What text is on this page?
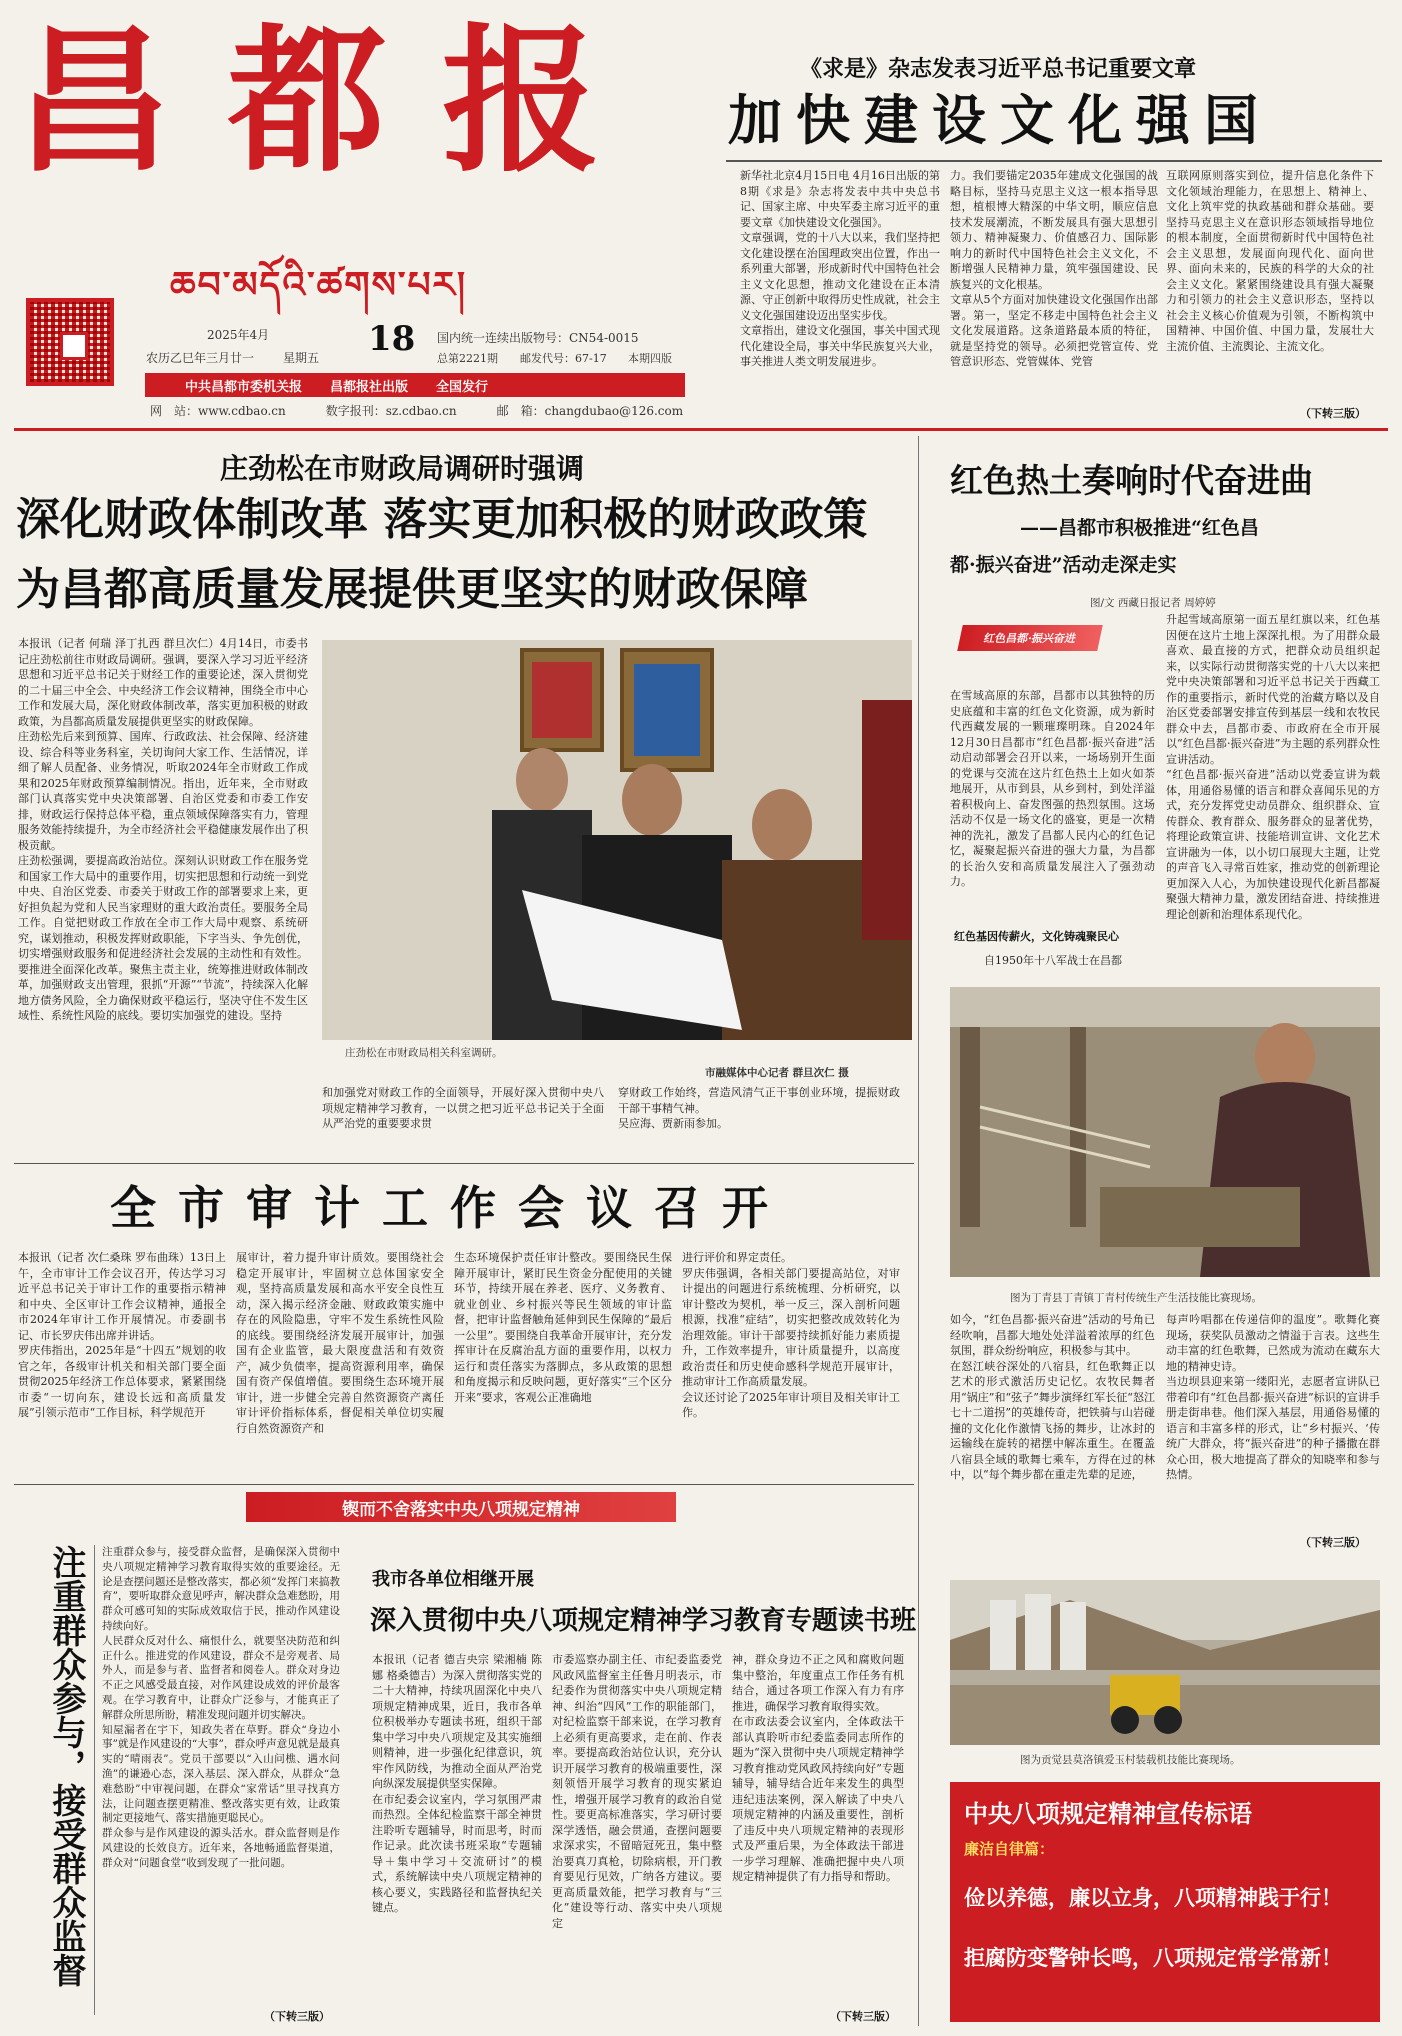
昌都报
ཆབ་མདོའི་ཚགས་པར།
2025年4月	18
农历乙巳年三月廿一 星期五
国内统一连续出版物号：CN54-0015
总第2221期 邮发代号：67-17 本期四版
中共昌都市委机关报 昌都报社出版 全国发行
网　站：www.cdbao.cn	数字报刊：sz.cdbao.cn	邮　箱：changdubao@126.com
《求是》杂志发表习近平总书记重要文章
加快建设文化强国
新华社北京4月15日电 4月16日出版的第8期《求是》杂志将发表中共中央总书记、国家主席、中央军委主席习近平的重要文章《加快建设文化强国》。
文章强调，党的十八大以来，我们坚持把文化建设摆在治国理政突出位置，作出一系列重大部署，形成新时代中国特色社会主义文化思想，推动文化建设在正本清源、守正创新中取得历史性成就，社会主义文化强国建设迈出坚实步伐。
文章指出，建设文化强国，事关中国式现代化建设全局，事关中华民族复兴大业，事关推进人类文明发展进步。
力。我们要锚定2035年建成文化强国的战略目标，坚持马克思主义这一根本指导思想，植根博大精深的中华文明，顺应信息技术发展潮流，不断发展具有强大思想引领力、精神凝聚力、价值感召力、国际影响力的新时代中国特色社会主义文化，不断增强人民精神力量，筑牢强国建设、民族复兴的文化根基。
文章从5个方面对加快建设文化强国作出部署。第一，坚定不移走中国特色社会主义文化发展道路。这条道路最本质的特征，就是坚持党的领导。必须把党管宣传、党管意识形态、党管媒体、党管
互联网原则落实到位，提升信息化条件下文化领域治理能力，在思想上、精神上、文化上筑牢党的执政基础和群众基础。要坚持马克思主义在意识形态领域指导地位的根本制度，全面贯彻新时代中国特色社会主义思想，发展面向现代化、面向世界、面向未来的，民族的科学的大众的社会主义文化。紧紧围绕建设具有强大凝聚力和引领力的社会主义意识形态，坚持以社会主义核心价值观为引领，不断构筑中国精神、中国价值、中国力量，发展壮大主流价值、主流舆论、主流文化。
（下转三版）
庄劲松在市财政局调研时强调
深化财政体制改革 落实更加积极的财政政策
为昌都高质量发展提供更坚实的财政保障
本报讯（记者 何瑞 泽丁扎西 群旦次仁）4月14日，市委书记庄劲松前往市财政局调研。强调，要深入学习习近平经济思想和习近平总书记关于财经工作的重要论述，深入贯彻党的二十届三中全会、中央经济工作会议精神，围绕全市中心工作和发展大局，深化财政体制改革，落实更加积极的财政政策，为昌都高质量发展提供更坚实的财政保障。
庄劲松先后来到预算、国库、行政政法、社会保障、经济建设、综合科等业务科室，关切询问大家工作、生活情况，详细了解人员配备、业务情况，听取2024年全市财政工作成果和2025年财政预算编制情况。指出，近年来，全市财政部门认真落实党中央决策部署、自治区党委和市委工作安排，财政运行保持总体平稳，重点领域保障落实有力，管理服务效能持续提升，为全市经济社会平稳健康发展作出了积极贡献。
庄劲松强调，要提高政治站位。深刻认识财政工作在服务党和国家工作大局中的重要作用，切实把思想和行动统一到党中央、自治区党委、市委关于财政工作的部署要求上来，更好担负起为党和人民当家理财的重大政治责任。要服务全局工作。自觉把财政工作放在全市工作大局中观察、系统研究，谋划推动，积极发挥财政职能，下字当头、争先创优，切实增强财政服务和促进经济社会发展的主动性和有效性。要推进全面深化改革。聚焦主责主业，统筹推进财政体制改革，加强财政支出管理，狠抓“开源”“节流”，持续深入化解地方债务风险，全力确保财政平稳运行，坚决守住不发生区域性、系统性风险的底线。要切实加强党的建设。坚持
庄劲松在市财政局相关科室调研。
市融媒体中心记者 群旦次仁 摄
和加强党对财政工作的全面领导，开展好深入贯彻中央八项规定精神学习教育，一以贯之把习近平总书记关于全面从严治党的重要要求贯
穿财政工作始终，营造风清气正干事创业环境，提振财政干部干事精气神。
吴应海、贾新雨参加。
全市审计工作会议召开
本报讯（记者 次仁桑珠 罗布曲珠）13日上午，全市审计工作会议召开，传达学习习近平总书记关于审计工作的重要指示精神和中央、全区审计工作会议精神，通报全市2024年审计工作开展情况。市委副书记、市长罗庆伟出席并讲话。
罗庆伟指出，2025年是“十四五”规划的收官之年，各级审计机关和相关部门要全面贯彻2025年经济工作总体要求，紧紧围绕市委“一切向东，建设长远和高质量发展”引领示范市“工作目标，科学规范开
展审计，着力提升审计质效。要围绕社会稳定开展审计，牢固树立总体国家安全观，坚持高质量发展和高水平安全良性互动，深入揭示经济金融、财政政策实施中存在的风险隐患，守牢不发生系统性风险的底线。要围绕经济发展开展审计，加强国有企业监管，最大限度盘活和有效资产，减少负债率，提高资源利用率，确保国有资产保值增值。要围绕生态环境开展审计，进一步健全完善自然资源资产离任审计评价指标体系，督促相关单位切实履行自然资源资产和
生态环境保护责任审计整改。要围绕民生保障开展审计，紧盯民生资金分配使用的关键环节，持续开展在养老、医疗、义务教育、就业创业、乡村振兴等民生领域的审计监督，把审计监督触角延伸到民生保障的“最后一公里”。要围绕自我革命开展审计，充分发挥审计在反腐治乱方面的重要作用，以权力运行和责任落实为落脚点，多从政策的思想和角度揭示和反映问题，更好落实“三个区分开来”要求，客观公正准确地
进行评价和界定责任。
罗庆伟强调，各相关部门要提高站位，对审计提出的问题进行系统梳理、分析研究，以审计整改为契机，举一反三，深入剖析问题根源，找准“症结”，切实把整改成效转化为治理效能。审计干部要持续抓好能力素质提升，工作效率提升，审计质量提升，以高度政治责任和历史使命感科学规范开展审计，推动审计工作高质量发展。
会议还讨论了2025年审计项目及相关审计工作。
锲而不舍落实中央八项规定精神
注重群众参与，接受群众监督 注重群众参与，接受群众监督，是确保深入贯彻中央八项规定精神学习教育取得实效的重要途径。无论是查摆问题还是整改落实，都必须“发挥门来搞教育”，要听取群众意见呼声，解决群众急难愁盼，用群众可感可知的实际成效取信于民，推动作风建设持续向好。
人民群众反对什么、痛恨什么，就要坚决防范和纠正什么。推进党的作风建设，群众不是旁观者、局外人，而是参与者、监督者和阅卷人。群众对身边不正之风感受最直接，对作风建设成效的评价最客观。在学习教育中，让群众广泛参与，才能真正了解群众所思所盼，精准发现问题并切实解决。
知屋漏者在宇下，知政失者在草野。群众“身边小事”就是作风建设的“大事”，群众呼声意见就是最真实的“晴雨表”。党员干部要以“入山问樵、遇水问渔”的谦逊心态，深入基层、深入群众，从群众“急难愁盼”中审视问题，在群众“家常话”里寻找真方法，让问题查摆更精准、整改落实更有效，让政策制定更接地气、落实措施更聪民心。
群众参与是作风建设的源头活水。群众监督则是作风建设的长效良方。近年来，各地畅通监督渠道，群众对“问题食堂”收到发现了一批问题。
（下转三版）
我市各单位相继开展
深入贯彻中央八项规定精神学习教育专题读书班
本报讯（记者 德吉央宗 梁湘楠 陈娜 格桑德吉）为深入贯彻落实党的二十大精神，持续巩固深化中央八项规定精神成果，近日，我市各单位积极举办专题读书班，组织干部集中学习中央八项规定及其实施细则精神，进一步强化纪律意识，筑牢作风防线，为推动全面从严治党向纵深发展提供坚实保障。
在市纪委会议室内，学习氛围严肃而热烈。全体纪检监察干部全神贯注聆听专题辅导，时而思考，时而作记录。此次读书班采取“专题辅导＋集中学习＋交流研讨”的模式，系统解读中央八项规定精神的核心要义，实践路径和监督执纪关键点。
市委巡察办副主任、市纪委监委党风政风监督室主任鲁月明表示，市纪委作为贯彻落实中央八项规定精神、纠治“四风”工作的职能部门，对纪检监察干部来说，在学习教育上必须有更高要求，走在前、作表率。要提高政治站位认识，充分认识开展学习教育的极端重要性，深刻领悟开展学习教育的现实紧迫性，增强开展学习教育的政治自觉性。要更高标准落实，学习研讨要深学透悟，融会贯通，查摆问题要求深求实，不留暗冠死丑，集中整治要真刀真枪，切除病根，开门教育要见行见效，广纳各方建议。要更高质量效能，把学习教育与“三化”建设等行动、落实中央八项规定
神，群众身边不正之风和腐败问题集中整治，年度重点工作任务有机结合，通过各项工作深入有力有序推进，确保学习教育取得实效。
在市政法委会议室内，全体政法干部认真聆听市纪委监委同志所作的题为“深入贯彻中央八项规定精神学习教育推动党风政风持续向好”专题辅导，辅导结合近年来发生的典型违纪违法案例，深入解读了中央八项规定精神的内涵及重要性，剖析了违反中央八项规定精神的表现形式及严重后果，为全体政法干部进一步学习理解、准确把握中央八项规定精神提供了有力指导和帮助。
（下转三版）
红色热土奏响时代奋进曲
——昌都市积极推进“红色昌
都·振兴奋进”活动走深走实
图/文 西藏日报记者 周婷婷
红色昌都·振兴奋进
在雪域高原的东部，昌都市以其独特的历史底蕴和丰富的红色文化资源，成为新时代西藏发展的一颗璀璨明珠。自2024年12月30日昌都市“红色昌都·振兴奋进”活动启动部署会召开以来，一场场别开生面的党课与交流在这片红色热土上如火如荼地展开，从市到县，从乡到村，到处洋溢着积极向上、奋发图强的热烈氛围。这场活动不仅是一场文化的盛宴，更是一次精神的洗礼，激发了昌都人民内心的红色记忆，凝聚起振兴奋进的强大力量，为昌都的长治久安和高质量发展注入了强劲动力。
红色基因传薪火，文化铸魂聚民心
自1950年十八军战士在昌都
升起雪域高原第一面五星红旗以来，红色基因便在这片土地上深深扎根。为了用群众最喜欢、最直接的方式，把群众动员组织起来，以实际行动贯彻落实党的十八大以来把党中央决策部署和习近平总书记关于西藏工作的重要指示，新时代党的治藏方略以及自治区党委部署安排宣传到基层一线和农牧民群众中去，昌都市委、市政府在全市开展以“红色昌都·振兴奋进”为主题的系列群众性宣讲活动。
“红色昌都·振兴奋进”活动以党委宣讲为载体，用通俗易懂的语言和群众喜闻乐见的方式，充分发挥党史动员群众、组织群众、宣传群众、教育群众、服务群众的显著优势，将理论政策宣讲、技能培训宣讲、文化艺术宣讲融为一体，以小切口展现大主题，让党的声音飞入寻常百姓家，推动党的创新理论更加深入人心，为加快建设现代化新昌都凝聚强大精神力量，激发团结奋进、持续推进理论创新和治理体系现代化。
图为丁青县丁青镇丁青村传统生产生活技能比赛现场。
如今，“红色昌都·振兴奋进”活动的号角已经吹响，昌都大地处处洋溢着浓厚的红色氛围，群众纷纷响应，积极参与其中。
在怒江峡谷深处的八宿县，红色歌舞正以艺术的形式激活历史记忆。农牧民舞者用“锅庄”和“弦子”舞步演绎红军长征“怒江七十二道拐”的英雄传奇，把铁骑与山岩碰撞的文化化作激情飞扬的舞步，让冰封的运输线在旋转的裙摆中解冻重生。在覆盖八宿县全域的歌舞七乘车，方得在过的林中，以“每个舞步都在重走先辈的足迹，
每声吟唱都在传递信仰的温度”。歌舞化赛现场，获奖队员激动之情溢于言表。这些生动丰富的红色歌舞，已然成为流动在藏东大地的精神史诗。
当边坝县迎来第一缕阳光，志愿者宣讲队已带着印有“红色昌都·振兴奋进”标识的宣讲手册走街串巷。他们深入基层，用通俗易懂的语言和丰富多样的形式，让“乡村振兴、‘传统广大群众，将“振兴奋进”的种子播撒在群众心田，极大地提高了群众的知晓率和参与热情。
（下转三版）
图为贡觉县莫洛镇爱玉村装载机技能比赛现场。
中央八项规定精神宣传标语
廉洁自律篇：
俭以养德，廉以立身，八项精神践于行！
拒腐防变警钟长鸣，八项规定常学常新！
